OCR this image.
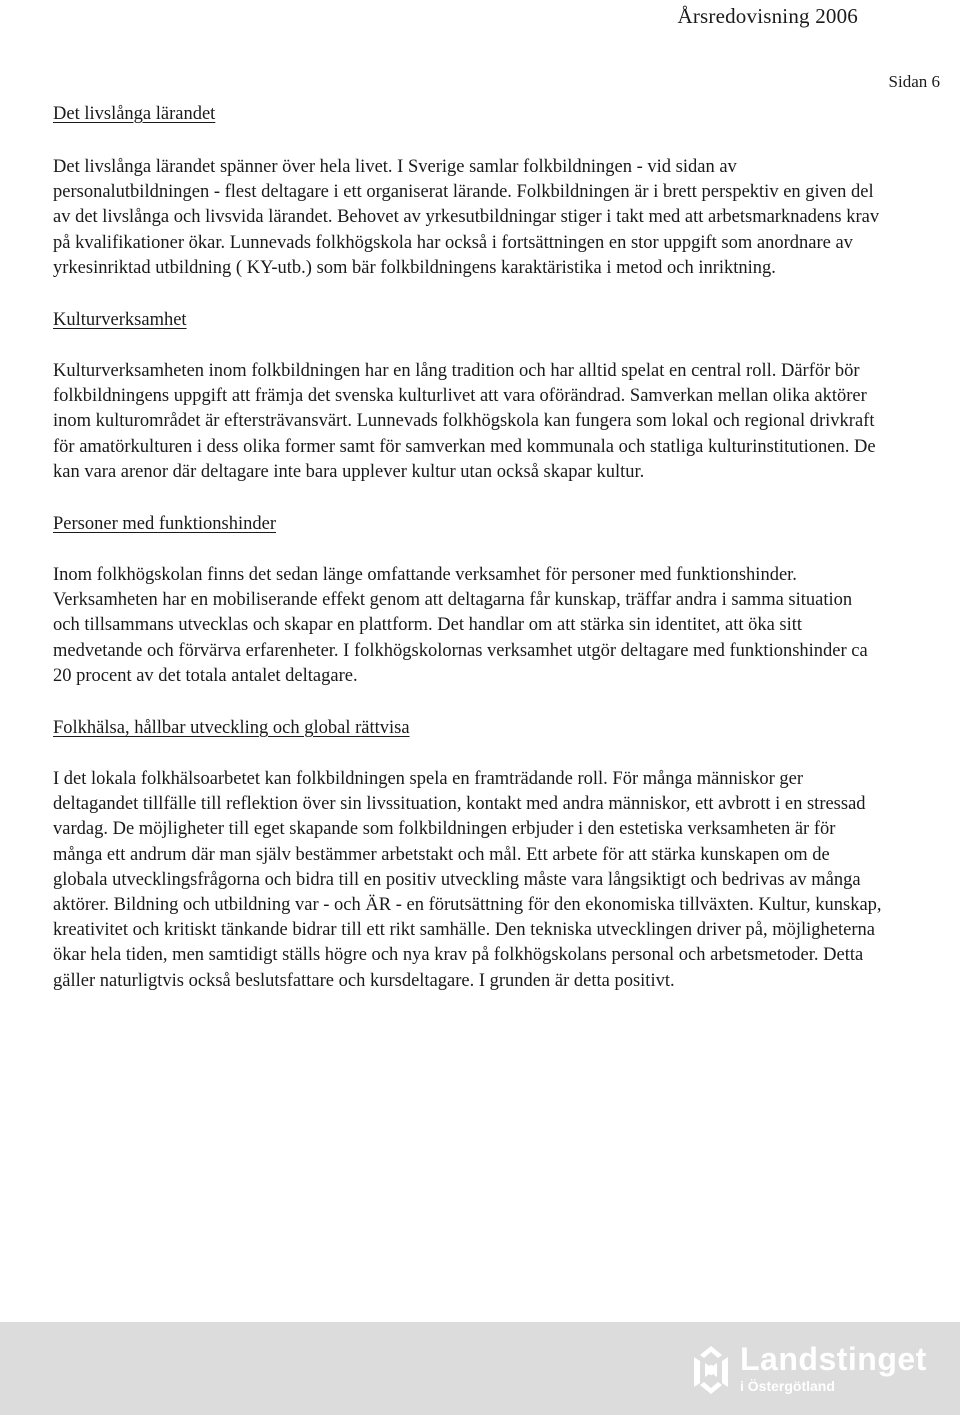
Årsredovisning 2006
Sidan 6

Det livslånga lärandet

Det livslånga lärandet spänner över hela livet. I Sverige samlar folkbildningen - vid sidan av personalutbildningen - flest deltagare i ett organiserat lärande. Folkbildningen är i brett perspektiv en given del av det livslånga och livsvida lärandet. Behovet av yrkesutbildningar stiger i takt med att arbetsmarknadens krav på kvalifikationer ökar. Lunnevads folkhögskola har också i fortsättningen en stor uppgift som anordnare av yrkesinriktad utbildning ( KY-utb.) som bär folkbildningens karaktäristika i metod och inriktning.

Kulturverksamhet

Kulturverksamheten inom folkbildningen har en lång tradition och har alltid spelat en central roll. Därför bör folkbildningens uppgift att främja det svenska kulturlivet att vara oförändrad. Samverkan mellan olika aktörer inom kulturområdet är eftersträvansvärt. Lunnevads folkhögskola kan fungera som lokal och regional drivkraft för amatörkulturen i dess olika former samt för samverkan med kommunala och statliga kulturinstitutionen. De kan vara arenor där deltagare inte bara upplever kultur utan också skapar kultur.

Personer med funktionshinder

Inom folkhögskolan finns det sedan länge omfattande verksamhet för personer med funktionshinder. Verksamheten har en mobiliserande effekt genom att deltagarna får kunskap, träffar andra i samma situation och tillsammans utvecklas och skapar en plattform. Det handlar om att stärka sin identitet, att öka sitt medvetande och förvärva erfarenheter. I folkhögskolornas verksamhet utgör deltagare med funktionshinder ca 20 procent av det totala antalet deltagare.

Folkhälsa, hållbar utveckling och global rättvisa

I det lokala folkhälsoarbetet kan folkbildningen spela en framträdande roll. För många människor ger deltagandet tillfälle till reflektion över sin livssituation, kontakt med andra människor, ett avbrott i en stressad vardag. De möjligheter till eget skapande som folkbildningen erbjuder i den estetiska verksamheten är för många ett andrum där man själv bestämmer arbetstakt och mål. Ett arbete för att stärka kunskapen om de globala utvecklingsfrågorna och bidra till en positiv utveckling måste vara långsiktigt och bedrivas av många aktörer. Bildning och utbildning var - och ÄR - en förutsättning för den ekonomiska tillväxten. Kultur, kunskap, kreativitet och kritiskt tänkande bidrar till ett rikt samhälle. Den tekniska utvecklingen driver på, möjligheterna ökar hela tiden, men samtidigt ställs högre och nya krav på folkhögskolans personal och arbetsmetoder. Detta gäller naturligtvis också beslutsfattare och kursdeltagare. I grunden är detta positivt.

Landstinget
i Östergötland
